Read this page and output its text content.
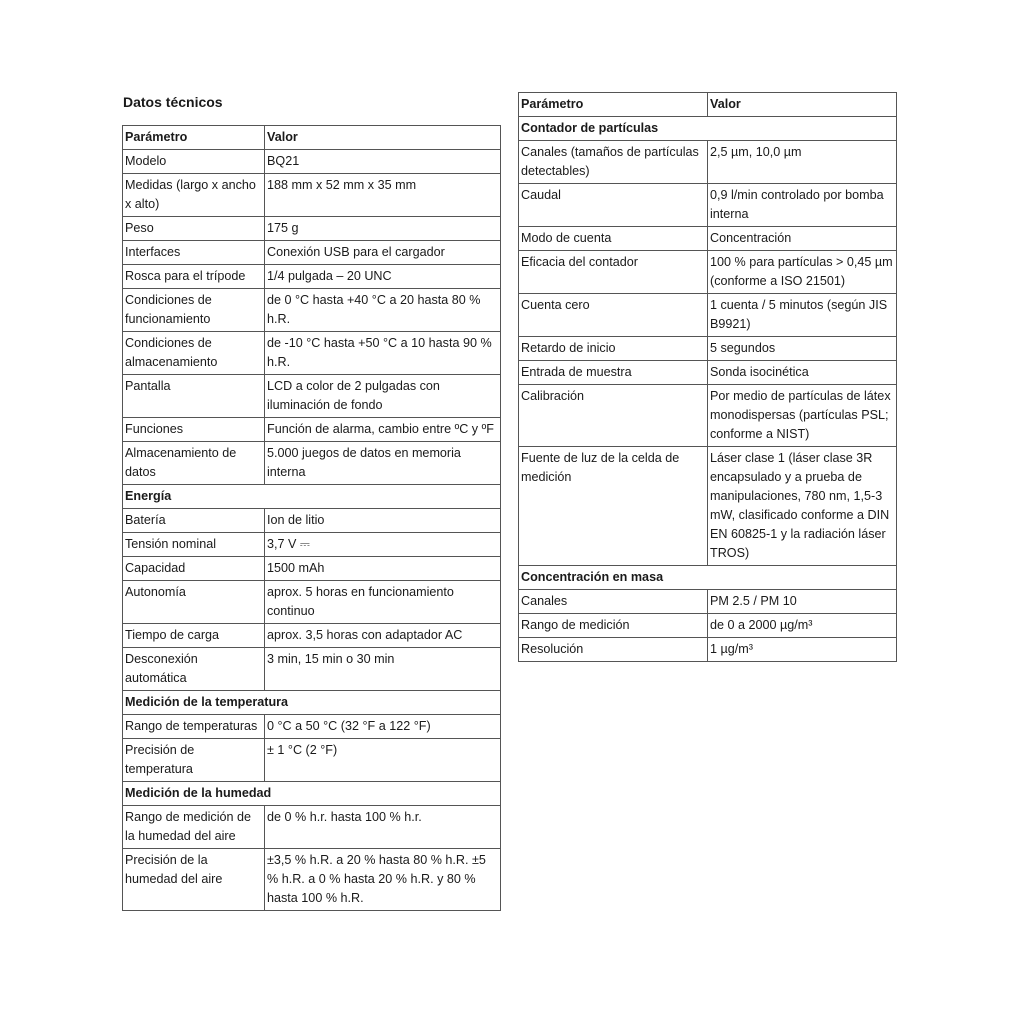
Datos técnicos
Parámetro	Valor
Modelo	BQ21
Medidas (largo x ancho x alto)	188 mm x 52 mm x 35 mm
Peso	175 g
Interfaces	Conexión USB para el cargador
Rosca para el trípode	1/4 pulgada – 20 UNC
Condiciones de funcionamiento	de 0 °C hasta +40 °C a 20 hasta 80 % h.R.
Condiciones de almacenamiento	de -10 °C hasta +50 °C a 10 hasta 90 % h.R.
Pantalla	LCD a color de 2 pulgadas con iluminación de fondo
Funciones	Función de alarma, cambio entre ºC y ºF
Almacenamiento de datos	5.000 juegos de datos en memoria interna
Energía	
Batería	Ion de litio
Tensión nominal	3,7 V ⎓
Capacidad	1500 mAh
Autonomía	aprox. 5 horas en funcionamiento continuo
Tiempo de carga	aprox. 3,5 horas con adaptador AC
Desconexión automática	3 min, 15 min o 30 min
Medición de la temperatura	
Rango de temperaturas	0 °C a 50 °C (32 °F a 122 °F)
Precisión de temperatura	± 1 °C (2 °F)
Medición de la humedad	
Rango de medición de la humedad del aire	de 0 % h.r. hasta 100 % h.r.
Precisión de la humedad del aire	±3,5 % h.R. a 20 % hasta 80 % h.R. ±5 % h.R. a 0 % hasta 20 % h.R. y 80 % hasta 100 % h.R.
Parámetro	Valor
Contador de partículas	
Canales (tamaños de partículas detectables)	2,5 µm, 10,0 µm
Caudal	0,9 l/min controlado por bomba interna
Modo de cuenta	Concentración
Eficacia del contador	100 % para partículas > 0,45 µm (conforme a ISO 21501)
Cuenta cero	1 cuenta / 5 minutos (según JIS B9921)
Retardo de inicio	5 segundos
Entrada de muestra	Sonda isocinética
Calibración	Por medio de partículas de látex monodispersas (partículas PSL; conforme a NIST)
Fuente de luz de la celda de medición	Láser clase 1 (láser clase 3R encapsulado y a prueba de manipulaciones, 780 nm, 1,5-3 mW, clasificado conforme a DIN EN 60825-1 y la radiación láser TROS)
Concentración en masa	
Canales	PM 2.5 / PM 10
Rango de medición	de 0 a 2000 µg/m³
Resolución	1 µg/m³
